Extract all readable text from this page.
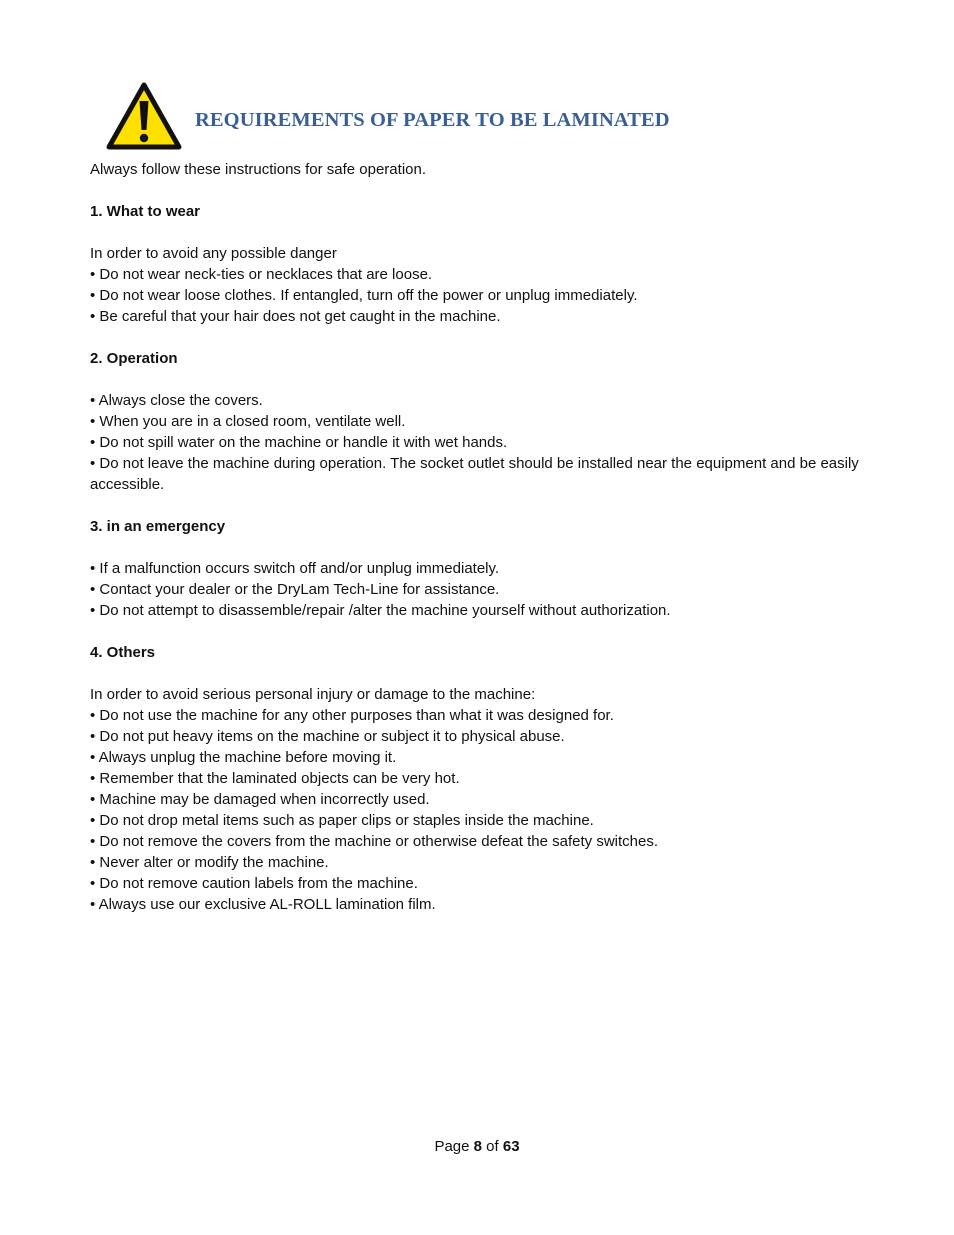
REQUIREMENTS OF PAPER TO BE LAMINATED

Always follow these instructions for safe operation.

1. What to wear

In order to avoid any possible danger

• Do not wear neck-ties or necklaces that are loose.

• Do not wear loose clothes. If entangled, turn off the power or unplug immediately.

• Be careful that your hair does not get caught in the machine.

2. Operation

• Always close the covers.

• When you are in a closed room, ventilate well.

• Do not spill water on the machine or handle it with wet hands.

• Do not leave the machine during operation. The socket outlet should be installed near the equipment and be easily accessible.

3. in an emergency

• If a malfunction occurs switch off and/or unplug immediately.

• Contact your dealer or the DryLam Tech-Line for assistance.

• Do not attempt to disassemble/repair /alter the machine yourself without authorization.

4. Others

In order to avoid serious personal injury or damage to the machine:

• Do not use the machine for any other purposes than what it was designed for.

• Do not put heavy items on the machine or subject it to physical abuse.

• Always unplug the machine before moving it.

• Remember that the laminated objects can be very hot.

• Machine may be damaged when incorrectly used.

• Do not drop metal items such as paper clips or staples inside the machine.

• Do not remove the covers from the machine or otherwise defeat the safety switches.

• Never alter or modify the machine.

• Do not remove caution labels from the machine.

• Always use our exclusive AL-ROLL lamination film.

Page 8 of 63
